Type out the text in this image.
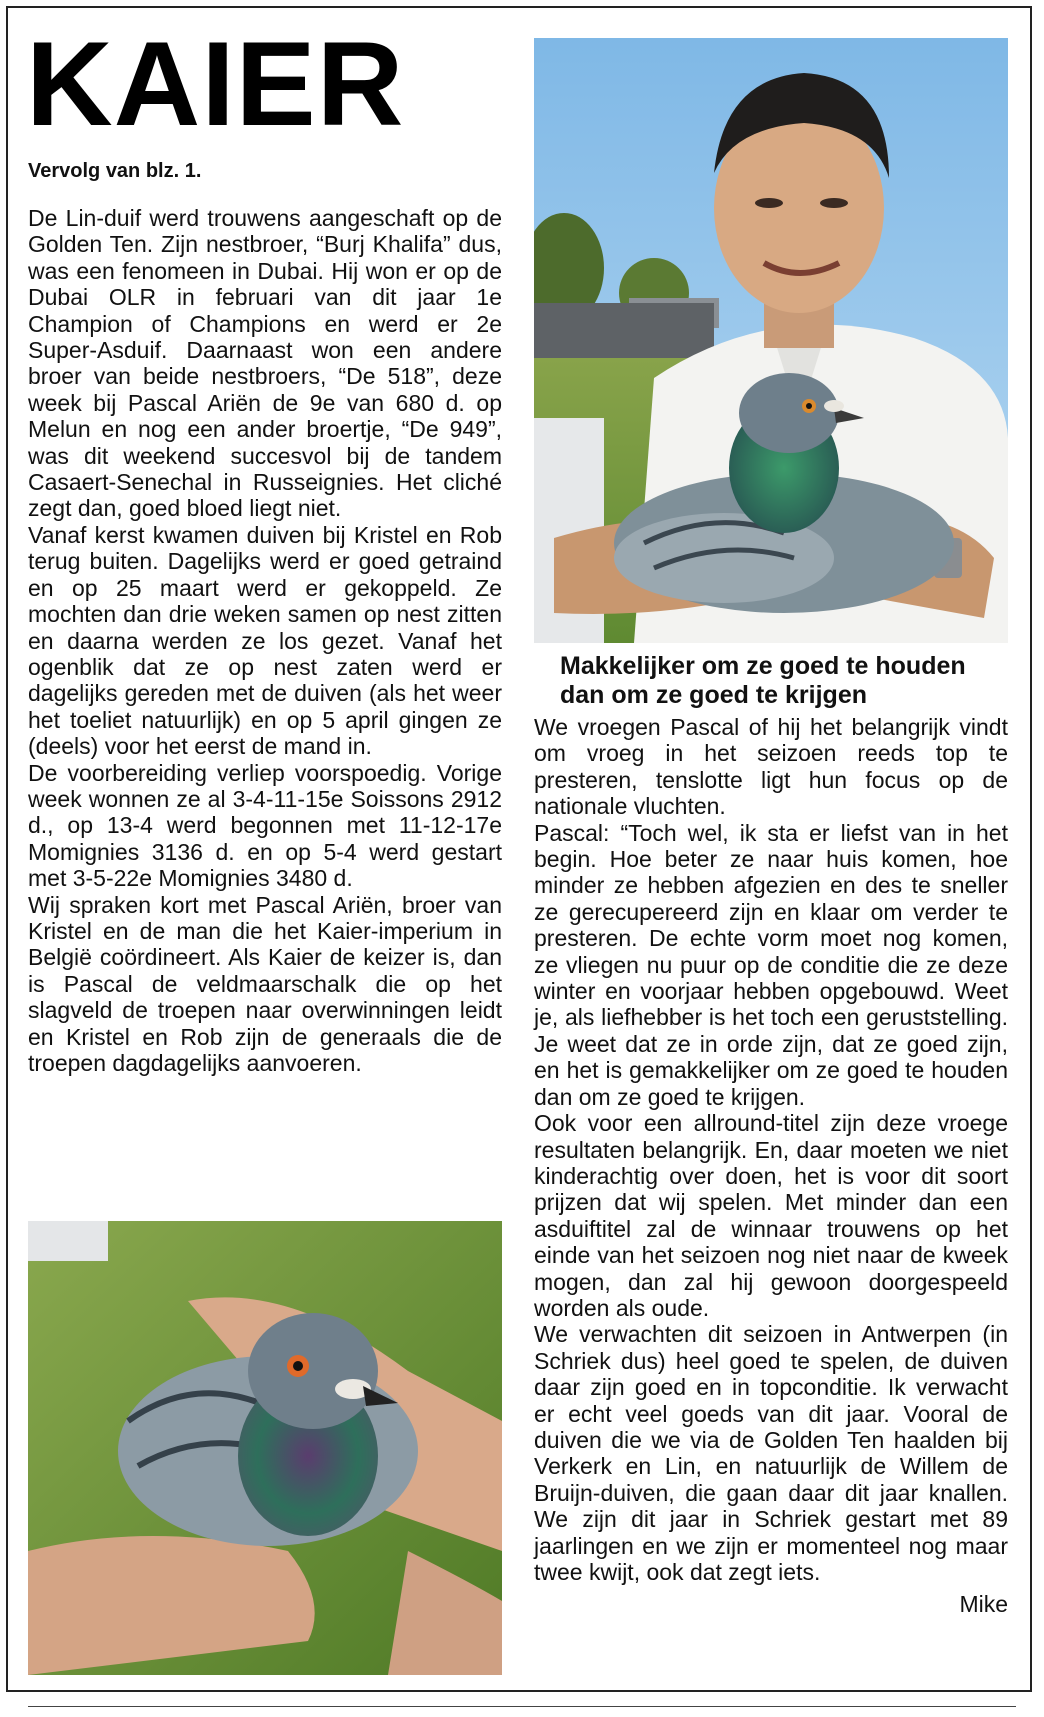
KAIER
Vervolg van blz. 1.

De Lin-duif werd trouwens aangeschaft op de Golden Ten. Zijn nestbroer, “Burj Khalifa” dus, was een fenomeen in Dubai. Hij won er op de Dubai OLR in februari van dit jaar 1e Champion of Champions en werd er 2e Super-Asduif. Daarnaast won een andere broer van beide nestbroers, “De 518”, deze week bij Pascal Ariën de 9e van 680 d. op Melun en nog een ander broertje, “De 949”, was dit weekend succesvol bij de tandem Casaert-Senechal in Russeignies. Het cliché zegt dan, goed bloed liegt niet.

Vanaf kerst kwamen duiven bij Kristel en Rob terug buiten. Dagelijks werd er goed getraind en op 25 maart werd er gekoppeld. Ze mochten dan drie weken samen op nest zitten en daarna werden ze los gezet. Vanaf het ogenblik dat ze op nest zaten werd er dagelijks gereden met de duiven (als het weer het toeliet natuurlijk) en op 5 april gingen ze (deels) voor het eerst de mand in.

De voorbereiding verliep voorspoedig. Vorige week wonnen ze al 3-4-11-15e Soissons 2912 d., op 13-4 werd begonnen met 11-12-17e Momignies 3136 d. en op 5-4 werd gestart met 3-5-22e Momignies 3480 d.

Wij spraken kort met Pascal Ariën, broer van Kristel en de man die het Kaier-imperium in België coördineert. Als Kaier de keizer is, dan is Pascal de veldmaarschalk die op het slagveld de troepen naar overwinningen leidt en Kristel en Rob zijn de generaals die de troepen dagdagelijks aanvoeren.

Makkelijker om ze goed te houden dan om ze goed te krijgen

We vroegen Pascal of hij het belangrijk vindt om vroeg in het seizoen reeds top te presteren, tenslotte ligt hun focus op de nationale vluchten.

Pascal: “Toch wel, ik sta er liefst van in het begin. Hoe beter ze naar huis komen, hoe minder ze hebben afgezien en des te sneller ze gerecupereerd zijn en klaar om verder te presteren. De echte vorm moet nog komen, ze vliegen nu puur op de conditie die ze deze winter en voorjaar hebben opgebouwd. Weet je, als liefhebber is het toch een geruststelling. Je weet dat ze in orde zijn, dat ze goed zijn, en het is gemakkelijker om ze goed te houden dan om ze goed te krijgen.

Ook voor een allround-titel zijn deze vroege resultaten belangrijk. En, daar moeten we niet kinderachtig over doen, het is voor dit soort prijzen dat wij spelen. Met minder dan een asduiftitel zal de winnaar trouwens op het einde van het seizoen nog niet naar de kweek mogen, dan zal hij gewoon doorgespeeld worden als oude.

We verwachten dit seizoen in Antwerpen (in Schriek dus) heel goed te spelen, de duiven daar zijn goed en in topconditie. Ik verwacht er echt veel goeds van dit jaar. Vooral de duiven die we via de Golden Ten haalden bij Verkerk en Lin, en natuurlijk de Willem de Bruijn-duiven, die gaan daar dit jaar knallen. We zijn dit jaar in Schriek gestart met 89 jaarlingen en we zijn er momenteel nog maar twee kwijt, ook dat zegt iets.

Mike
